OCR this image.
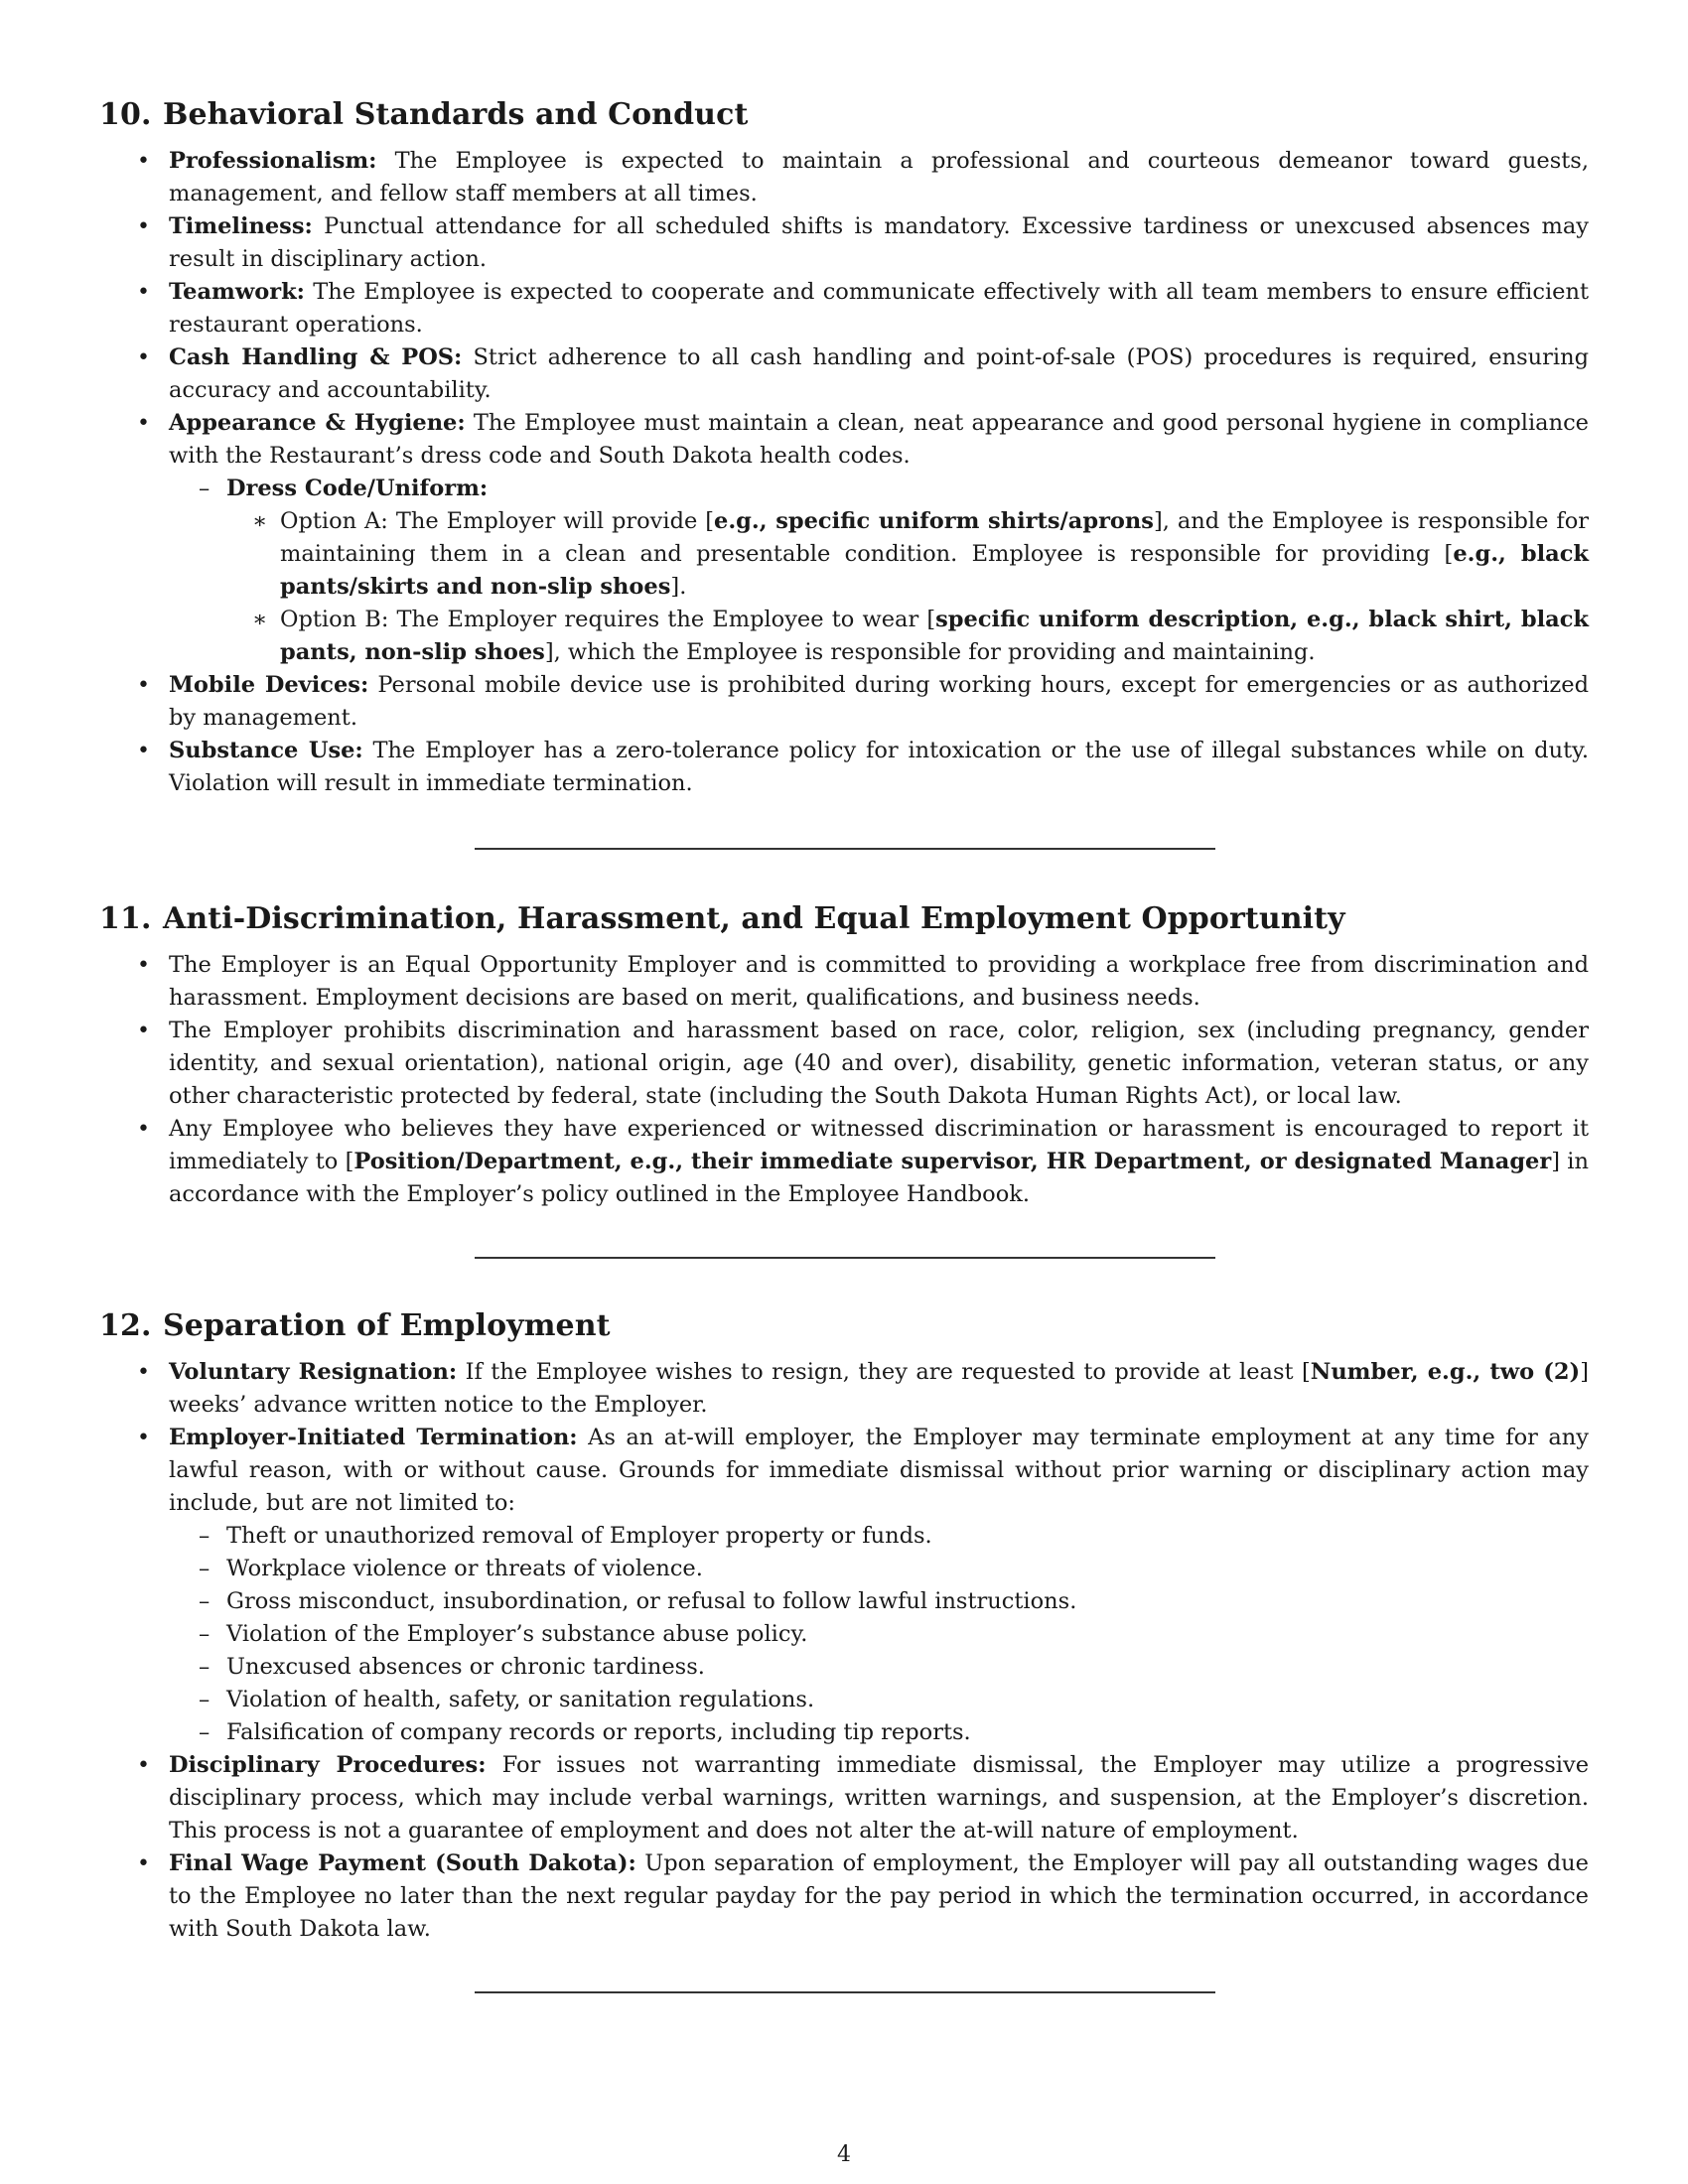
10. Behavioral Standards and Conduct
• Professionalism: The Employee is expected to maintain a professional and courteous demeanor toward guests, management, and fellow staff members at all times.
• Timeliness: Punctual attendance for all scheduled shifts is mandatory. Excessive tardiness or unexcused absences may result in disciplinary action.
• Teamwork: The Employee is expected to cooperate and communicate effectively with all team members to ensure efficient restaurant operations.
• Cash Handling & POS: Strict adherence to all cash handling and point-of-sale (POS) procedures is required, ensuring accuracy and accountability.
• Appearance & Hygiene: The Employee must maintain a clean, neat appearance and good personal hygiene in compliance with the Restaurant’s dress code and South Dakota health codes.
– Dress Code/Uniform:
∗ Option A: The Employer will provide [e.g., specific uniform shirts/aprons], and the Employee is responsible for maintaining them in a clean and presentable condition. Employee is responsible for providing [e.g., black pants/skirts and non-slip shoes].
∗ Option B: The Employer requires the Employee to wear [specific uniform description, e.g., black shirt, black pants, non-slip shoes], which the Employee is responsible for providing and maintaining.
• Mobile Devices: Personal mobile device use is prohibited during working hours, except for emergencies or as authorized by management.
• Substance Use: The Employer has a zero-tolerance policy for intoxication or the use of illegal substances while on duty. Violation will result in immediate termination.
11. Anti-Discrimination, Harassment, and Equal Employment Opportunity
• The Employer is an Equal Opportunity Employer and is committed to providing a workplace free from discrimination and harassment. Employment decisions are based on merit, qualifications, and business needs.
• The Employer prohibits discrimination and harassment based on race, color, religion, sex (including pregnancy, gender identity, and sexual orientation), national origin, age (40 and over), disability, genetic information, veteran status, or any other characteristic protected by federal, state (including the South Dakota Human Rights Act), or local law.
• Any Employee who believes they have experienced or witnessed discrimination or harassment is encouraged to report it immediately to [Position/Department, e.g., their immediate supervisor, HR Department, or designated Manager] in accordance with the Employer’s policy outlined in the Employee Handbook.
12. Separation of Employment
• Voluntary Resignation: If the Employee wishes to resign, they are requested to provide at least [Number, e.g., two (2)] weeks’ advance written notice to the Employer.
• Employer-Initiated Termination: As an at-will employer, the Employer may terminate employment at any time for any lawful reason, with or without cause. Grounds for immediate dismissal without prior warning or disciplinary action may include, but are not limited to:
– Theft or unauthorized removal of Employer property or funds.
– Workplace violence or threats of violence.
– Gross misconduct, insubordination, or refusal to follow lawful instructions.
– Violation of the Employer’s substance abuse policy.
– Unexcused absences or chronic tardiness.
– Violation of health, safety, or sanitation regulations.
– Falsification of company records or reports, including tip reports.
• Disciplinary Procedures: For issues not warranting immediate dismissal, the Employer may utilize a progressive disciplinary process, which may include verbal warnings, written warnings, and suspension, at the Employer’s discretion. This process is not a guarantee of employment and does not alter the at-will nature of employment.
• Final Wage Payment (South Dakota): Upon separation of employment, the Employer will pay all outstanding wages due to the Employee no later than the next regular payday for the pay period in which the termination occurred, in accordance with South Dakota law.
4
